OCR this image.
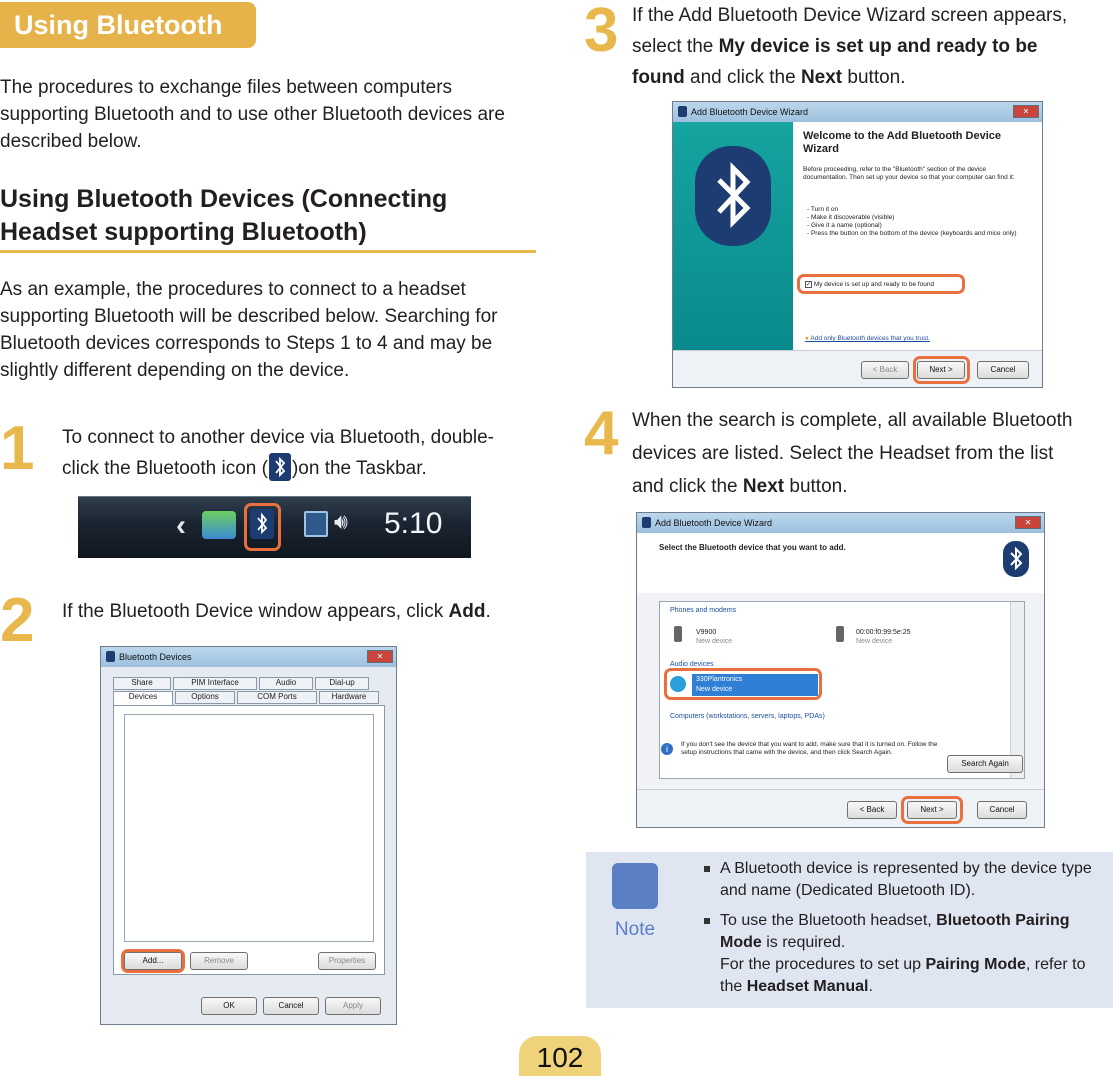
Using Bluetooth
The procedures to exchange files between computers supporting Bluetooth and to use other Bluetooth devices are described below.
Using Bluetooth Devices (Connecting
Headset supporting Bluetooth)
As an example, the procedures to connect to a headset supporting Bluetooth will be described below. Searching for Bluetooth devices corresponds to Steps 1 to 4 and may be slightly different depending on the device.
1 To connect to another device via Bluetooth, double-
click the Bluetooth icon ( )on the Taskbar.
‹	🔊︎ 5:10
2 If the Bluetooth Device window appears, click Add.
Bluetooth Devices	✕
Share	PIM Interface	Audio	Dial-up
Devices	Options	COM Ports	Hardware
Add...	Remove	Properties
OK	Cancel	Apply
3 If the Add Bluetooth Device Wizard screen appears,
select the My device is set up and ready to be
found and click the Next button.
Add Bluetooth Device Wizard	✕
Welcome to the Add Bluetooth Device Wizard
Before proceeding, refer to the "Bluetooth" section of the device documentation. Then set up your device so that your computer can find it:
- Turn it on
- Make it discoverable (visible)
- Give it a name (optional)
- Press the button on the bottom of the device (keyboards and mice only)
✓ My device is set up and ready to be found
● Add only Bluetooth devices that you trust.
< Back	Next >	Cancel
4 When the search is complete, all available Bluetooth
devices are listed. Select the Headset from the list
and click the Next button.
Add Bluetooth Device Wizard	✕
Select the Bluetooth device that you want to add.
Phones and modems
V9900
New device
00:00:f0:99:5e:25
New device
Audio devices
330Plantronics
New device
Computers (workstations, servers, laptops, PDAs)
i	If you don't see the device that you want to add, make sure that it is turned on. Follow the setup instructions that came with the device, and then click Search Again.
Search Again
< Back	Next >	Cancel
Note
A Bluetooth device is represented by the device type and name (Dedicated Bluetooth ID).
To use the Bluetooth headset, Bluetooth Pairing Mode is required.
For the procedures to set up Pairing Mode, refer to the Headset Manual.
102
